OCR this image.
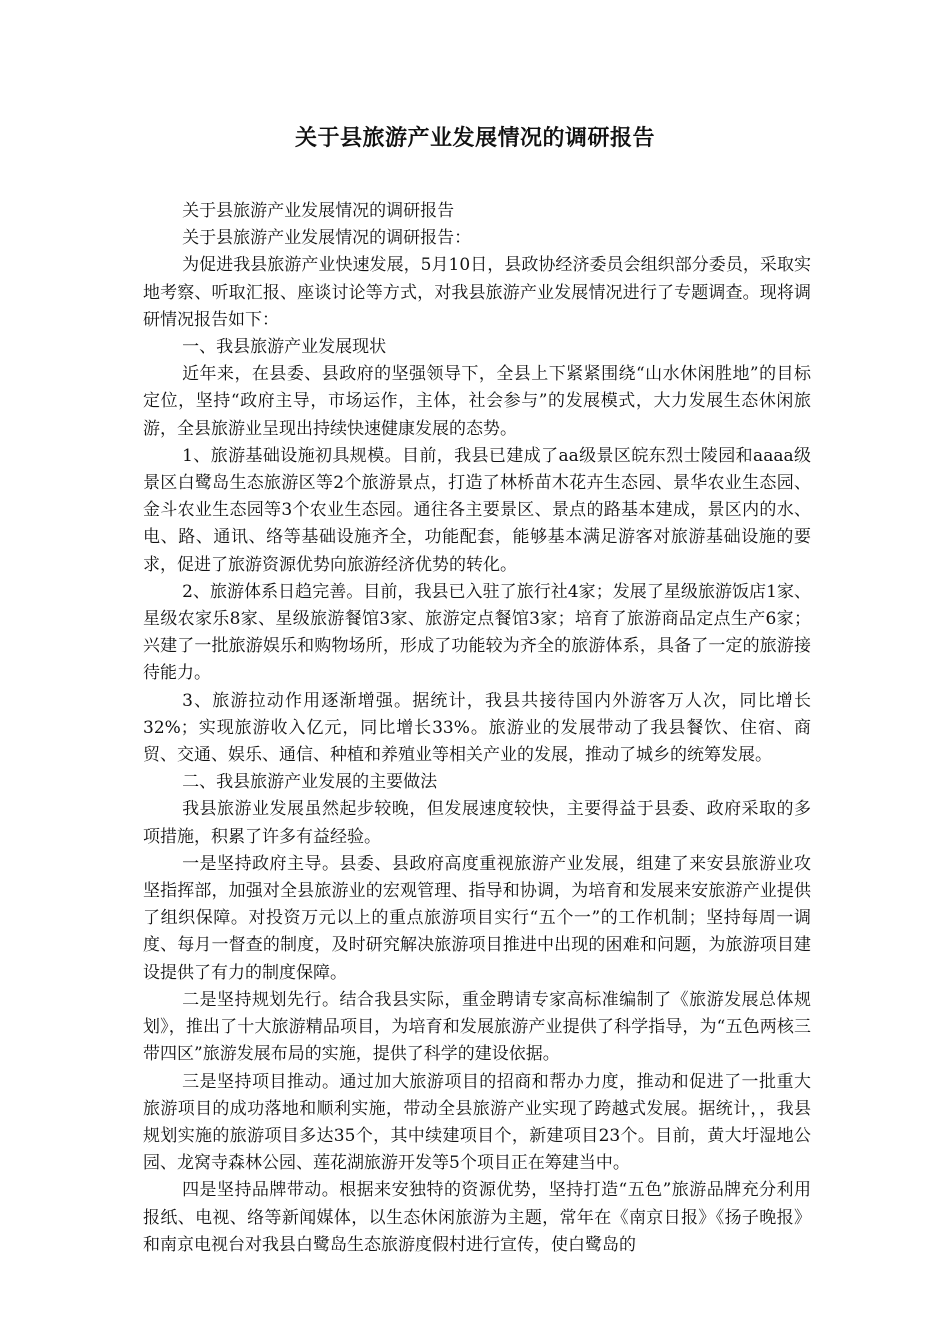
关于县旅游产业发展情况的调研报告

关于县旅游产业发展情况的调研报告

关于县旅游产业发展情况的调研报告：

为促进我县旅游产业快速发展，5月10日，县政协经济委员会组织部分委员，采取实地考察、听取汇报、座谈讨论等方式，对我县旅游产业发展情况进行了专题调查。现将调研情况报告如下：

一、我县旅游产业发展现状

近年来，在县委、县政府的坚强领导下，全县上下紧紧围绕“山水休闲胜地”的目标定位，坚持“政府主导，市场运作，主体，社会参与”的发展模式，大力发展生态休闲旅游，全县旅游业呈现出持续快速健康发展的态势。

1、旅游基础设施初具规模。目前，我县已建成了aa级景区皖东烈士陵园和aaaa级景区白鹭岛生态旅游区等2个旅游景点，打造了林桥苗木花卉生态园、景华农业生态园、金斗农业生态园等3个农业生态园。通往各主要景区、景点的路基本建成，景区内的水、电、路、通讯、络等基础设施齐全，功能配套，能够基本满足游客对旅游基础设施的要求，促进了旅游资源优势向旅游经济优势的转化。

2、旅游体系日趋完善。目前，我县已入驻了旅行社4家；发展了星级旅游饭店1家、星级农家乐8家、星级旅游餐馆3家、旅游定点餐馆3家；培育了旅游商品定点生产6家；兴建了一批旅游娱乐和购物场所，形成了功能较为齐全的旅游体系，具备了一定的旅游接待能力。

3、旅游拉动作用逐渐增强。据统计，我县共接待国内外游客万人次，同比增长32%；实现旅游收入亿元，同比增长33%。旅游业的发展带动了我县餐饮、住宿、商贸、交通、娱乐、通信、种植和养殖业等相关产业的发展，推动了城乡的统筹发展。

二、我县旅游产业发展的主要做法

我县旅游业发展虽然起步较晚，但发展速度较快，主要得益于县委、政府采取的多项措施，积累了许多有益经验。

一是坚持政府主导。县委、县政府高度重视旅游产业发展，组建了来安县旅游业攻坚指挥部，加强对全县旅游业的宏观管理、指导和协调，为培育和发展来安旅游产业提供了组织保障。对投资万元以上的重点旅游项目实行“五个一”的工作机制；坚持每周一调度、每月一督查的制度，及时研究解决旅游项目推进中出现的困难和问题，为旅游项目建设提供了有力的制度保障。

二是坚持规划先行。结合我县实际，重金聘请专家高标准编制了《旅游发展总体规划》，推出了十大旅游精品项目，为培育和发展旅游产业提供了科学指导，为“五色两核三带四区”旅游发展布局的实施，提供了科学的建设依据。

三是坚持项目推动。通过加大旅游项目的招商和帮办力度，推动和促进了一批重大旅游项目的成功落地和顺利实施，带动全县旅游产业实现了跨越式发展。据统计，，我县规划实施的旅游项目多达35个，其中续建项目个，新建项目23个。目前，黄大圩湿地公园、龙窝寺森林公园、莲花湖旅游开发等5个项目正在筹建当中。

四是坚持品牌带动。根据来安独特的资源优势，坚持打造“五色”旅游品牌充分利用报纸、电视、络等新闻媒体，以生态休闲旅游为主题，常年在《南京日报》《扬子晚报》和南京电视台对我县白鹭岛生态旅游度假村进行宣传，使白鹭岛的
